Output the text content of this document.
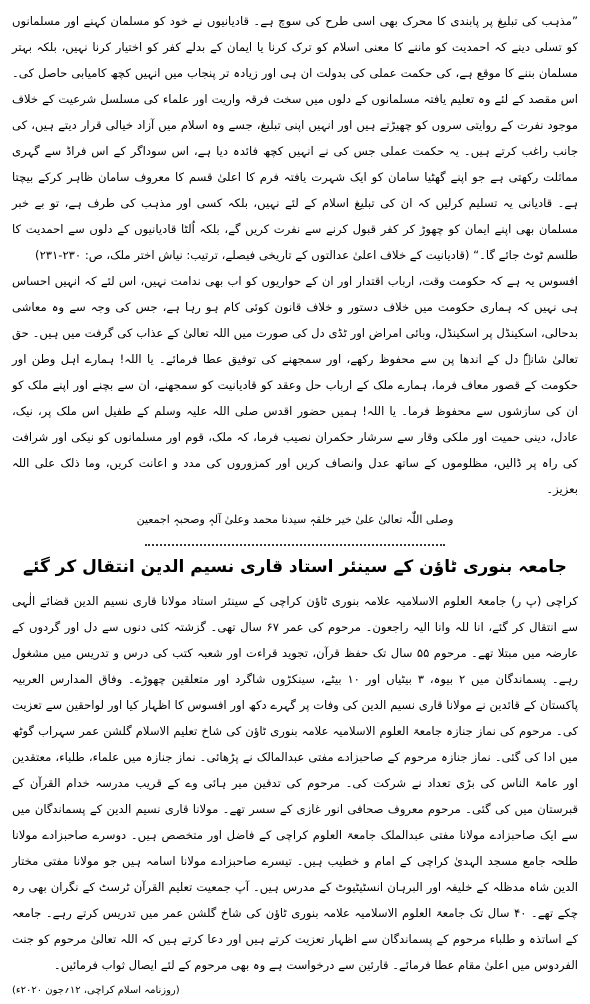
”مذہب کی تبلیغ پر پابندی کا محرک بھی اسی طرح کی سوچ ہے۔ قادیانیوں نے خود کو مسلمان کہنے اور مسلمانوں کو تسلی دینے کہ احمدیت کو ماننے کا معنی اسلام کو ترک کرنا یا ایمان کے بدلے کفر کو اختیار کرنا نہیں، بلکہ بہتر مسلمان بننے کا موقع ہے، کی حکمت عملی کی بدولت ان ہی اور زیادہ تر پنجاب میں انہیں کچھ کامیابی حاصل کی۔ اس مقصد کے لئے وہ تعلیم یافتہ مسلمانوں کے دلوں میں سخت فرقہ واریت اور علماء کی مسلسل شرعیت کے خلاف موجود نفرت کے روایتی سروں کو چھیڑتے ہیں اور انہیں اپنی تبلیغ، جسے وہ اسلام میں آزاد خیالی قرار دیتے ہیں، کی جانب راغب کرتے ہیں۔ یہ حکمت عملی جس کی نے انہیں کچھ فائدہ دیا ہے، اس سوداگر کے اس فراڈ سے گہری مماثلت رکھتی ہے جو اپنے گھٹیا سامان کو ایک شہرت یافتہ فرم کا اعلیٰ قسم کا معروف سامان ظاہر کرکے بیچتا ہے۔ قادیانی یہ تسلیم کرلیں کہ ان کی تبلیغ اسلام کے لئے نہیں، بلکہ کسی اور مذہب کی طرف ہے، تو بے خبر مسلمان بھی اپنے ایمان کو چھوڑ کر کفر قبول کرنے سے نفرت کریں گے، بلکہ اُلٹا قادیانیوں کے دلوں سے احمدیت کا طلسم ٹوٹ جائے گا۔“ (قادیانیت کے خلاف اعلیٰ عدالتوں کے تاریخی فیصلے، ترتیب: نیاش اختر ملک، ص: ۲۳۰-۲۳۱)

افسوس یہ ہے کہ حکومت وقت، ارباب اقتدار اور ان کے حواریوں کو اب بھی ندامت نہیں، اس لئے کہ انہیں احساس ہی نہیں کہ ہماری حکومت میں خلاف دستور و خلاف قانون کوئی کام ہو رہا ہے، جس کی وجہ سے وہ معاشی بدحالی، اسکینڈل پر اسکینڈل، وبائی امراض اور ٹڈی دل کی صورت میں اللہ تعالیٰ کے عذاب کی گرفت میں ہیں۔ حق تعالیٰ شانہٗ دل کے اندھا پن سے محفوظ رکھے، اور سمجھنے کی توفیق عطا فرمائے۔ یا اللہ! ہمارے اہل وطن اور حکومت کے قصور معاف فرما، ہمارے ملک کے ارباب حل وعقد کو قادیانیت کو سمجھنے، ان سے بچنے اور اپنے ملک کو ان کی سازشوں سے محفوظ فرما۔ یا اللہ! ہمیں حضور اقدس صلی اللہ علیہ وسلم کے طفیل اس ملک پر، نیک، عادل، دینی حمیت اور ملکی وقار سے سرشار حکمران نصیب فرما، کہ ملک، قوم اور مسلمانوں کو نیکی اور شرافت کی راہ پر ڈالیں، مظلوموں کے ساتھ عدل وانصاف کریں اور کمزوروں کی مدد و اعانت کریں، وما ذلک علی اللہ بعزیز۔

وصلی اللّٰہ تعالیٰ علیٰ خیر خلقہٖ سیدنا محمد وعلیٰ آلہٖ وصحبہٖ اجمعین

جامعہ بنوری ٹاؤن کے سینئر استاد قاری نسیم الدین انتقال کر گئے

کراچی (پ ر) جامعۃ العلوم الاسلامیہ علامہ بنوری ٹاؤن کراچی کے سینئر استاد مولانا قاری نسیم الدین قضائے الٰہی سے انتقال کر گئے، انا للہ وانا الیہ راجعون۔ مرحوم کی عمر ۶۷ سال تھی۔ گزشتہ کئی دنوں سے دل اور گردوں کے عارضہ میں مبتلا تھے۔ مرحوم ۵۵ سال تک حفظ قرآن، تجوید قراءت اور شعبہ کتب کی درس و تدریس میں مشغول رہے۔ پسماندگان میں ۲ بیوہ، ۳ بیٹیاں اور ۱۰ بیٹے، سینکڑوں شاگرد اور متعلقین چھوڑے۔ وفاق المدارس العربیہ پاکستان کے قائدین نے مولانا قاری نسیم الدین کی وفات پر گہرے دکھ اور افسوس کا اظہار کیا اور لواحقین سے تعزیت کی۔ مرحوم کی نماز جنازہ جامعۃ العلوم الاسلامیہ علامہ بنوری ٹاؤن کی شاخ تعلیم الاسلام گلشن عمر سہراب گوٹھ میں ادا کی گئی۔ نماز جنازہ مرحوم کے صاحبزادے مفتی عبدالمالک نے پڑھائی۔ نماز جنازہ میں علماء، طلباء، معتقدین اور عامۃ الناس کی بڑی تعداد نے شرکت کی۔ مرحوم کی تدفین میر ہائی وے کے قریب مدرسہ خدام القرآن کے قبرستان میں کی گئی۔ مرحوم معروف صحافی انور غازی کے سسر تھے۔ مولانا قاری نسیم الدین کے پسماندگان میں سے ایک صاحبزادے مولانا مفتی عبدالملک جامعۃ العلوم کراچی کے فاضل اور متخصص ہیں۔ دوسرے صاحبزادے مولانا طلحہ جامع مسجد الہدیٰ کراچی کے امام و خطیب ہیں۔ تیسرے صاحبزادے مولانا اسامہ ہیں جو مولانا مفتی مختار الدین شاہ مدظلہ کے خلیفہ اور البرہان انسٹیٹیوٹ کے مدرس ہیں۔ آپ جمعیت تعلیم القرآن ٹرسٹ کے نگران بھی رہ چکے تھے۔ ۴۰ سال تک جامعۃ العلوم الاسلامیہ علامہ بنوری ٹاؤن کی شاخ گلشن عمر میں تدریس کرتے رہے۔ جامعہ کے اساتذہ و طلباء مرحوم کے پسماندگان سے اظہار تعزیت کرتے ہیں اور دعا کرتے ہیں کہ اللہ تعالیٰ مرحوم کو جنت الفردوس میں اعلیٰ مقام عطا فرمائے۔ قارئین سے درخواست ہے وہ بھی مرحوم کے لئے ایصال ثواب فرمائیں۔
(روزنامہ اسلام کراچی، ۱۲؍جون ۲۰۲۰ء)
